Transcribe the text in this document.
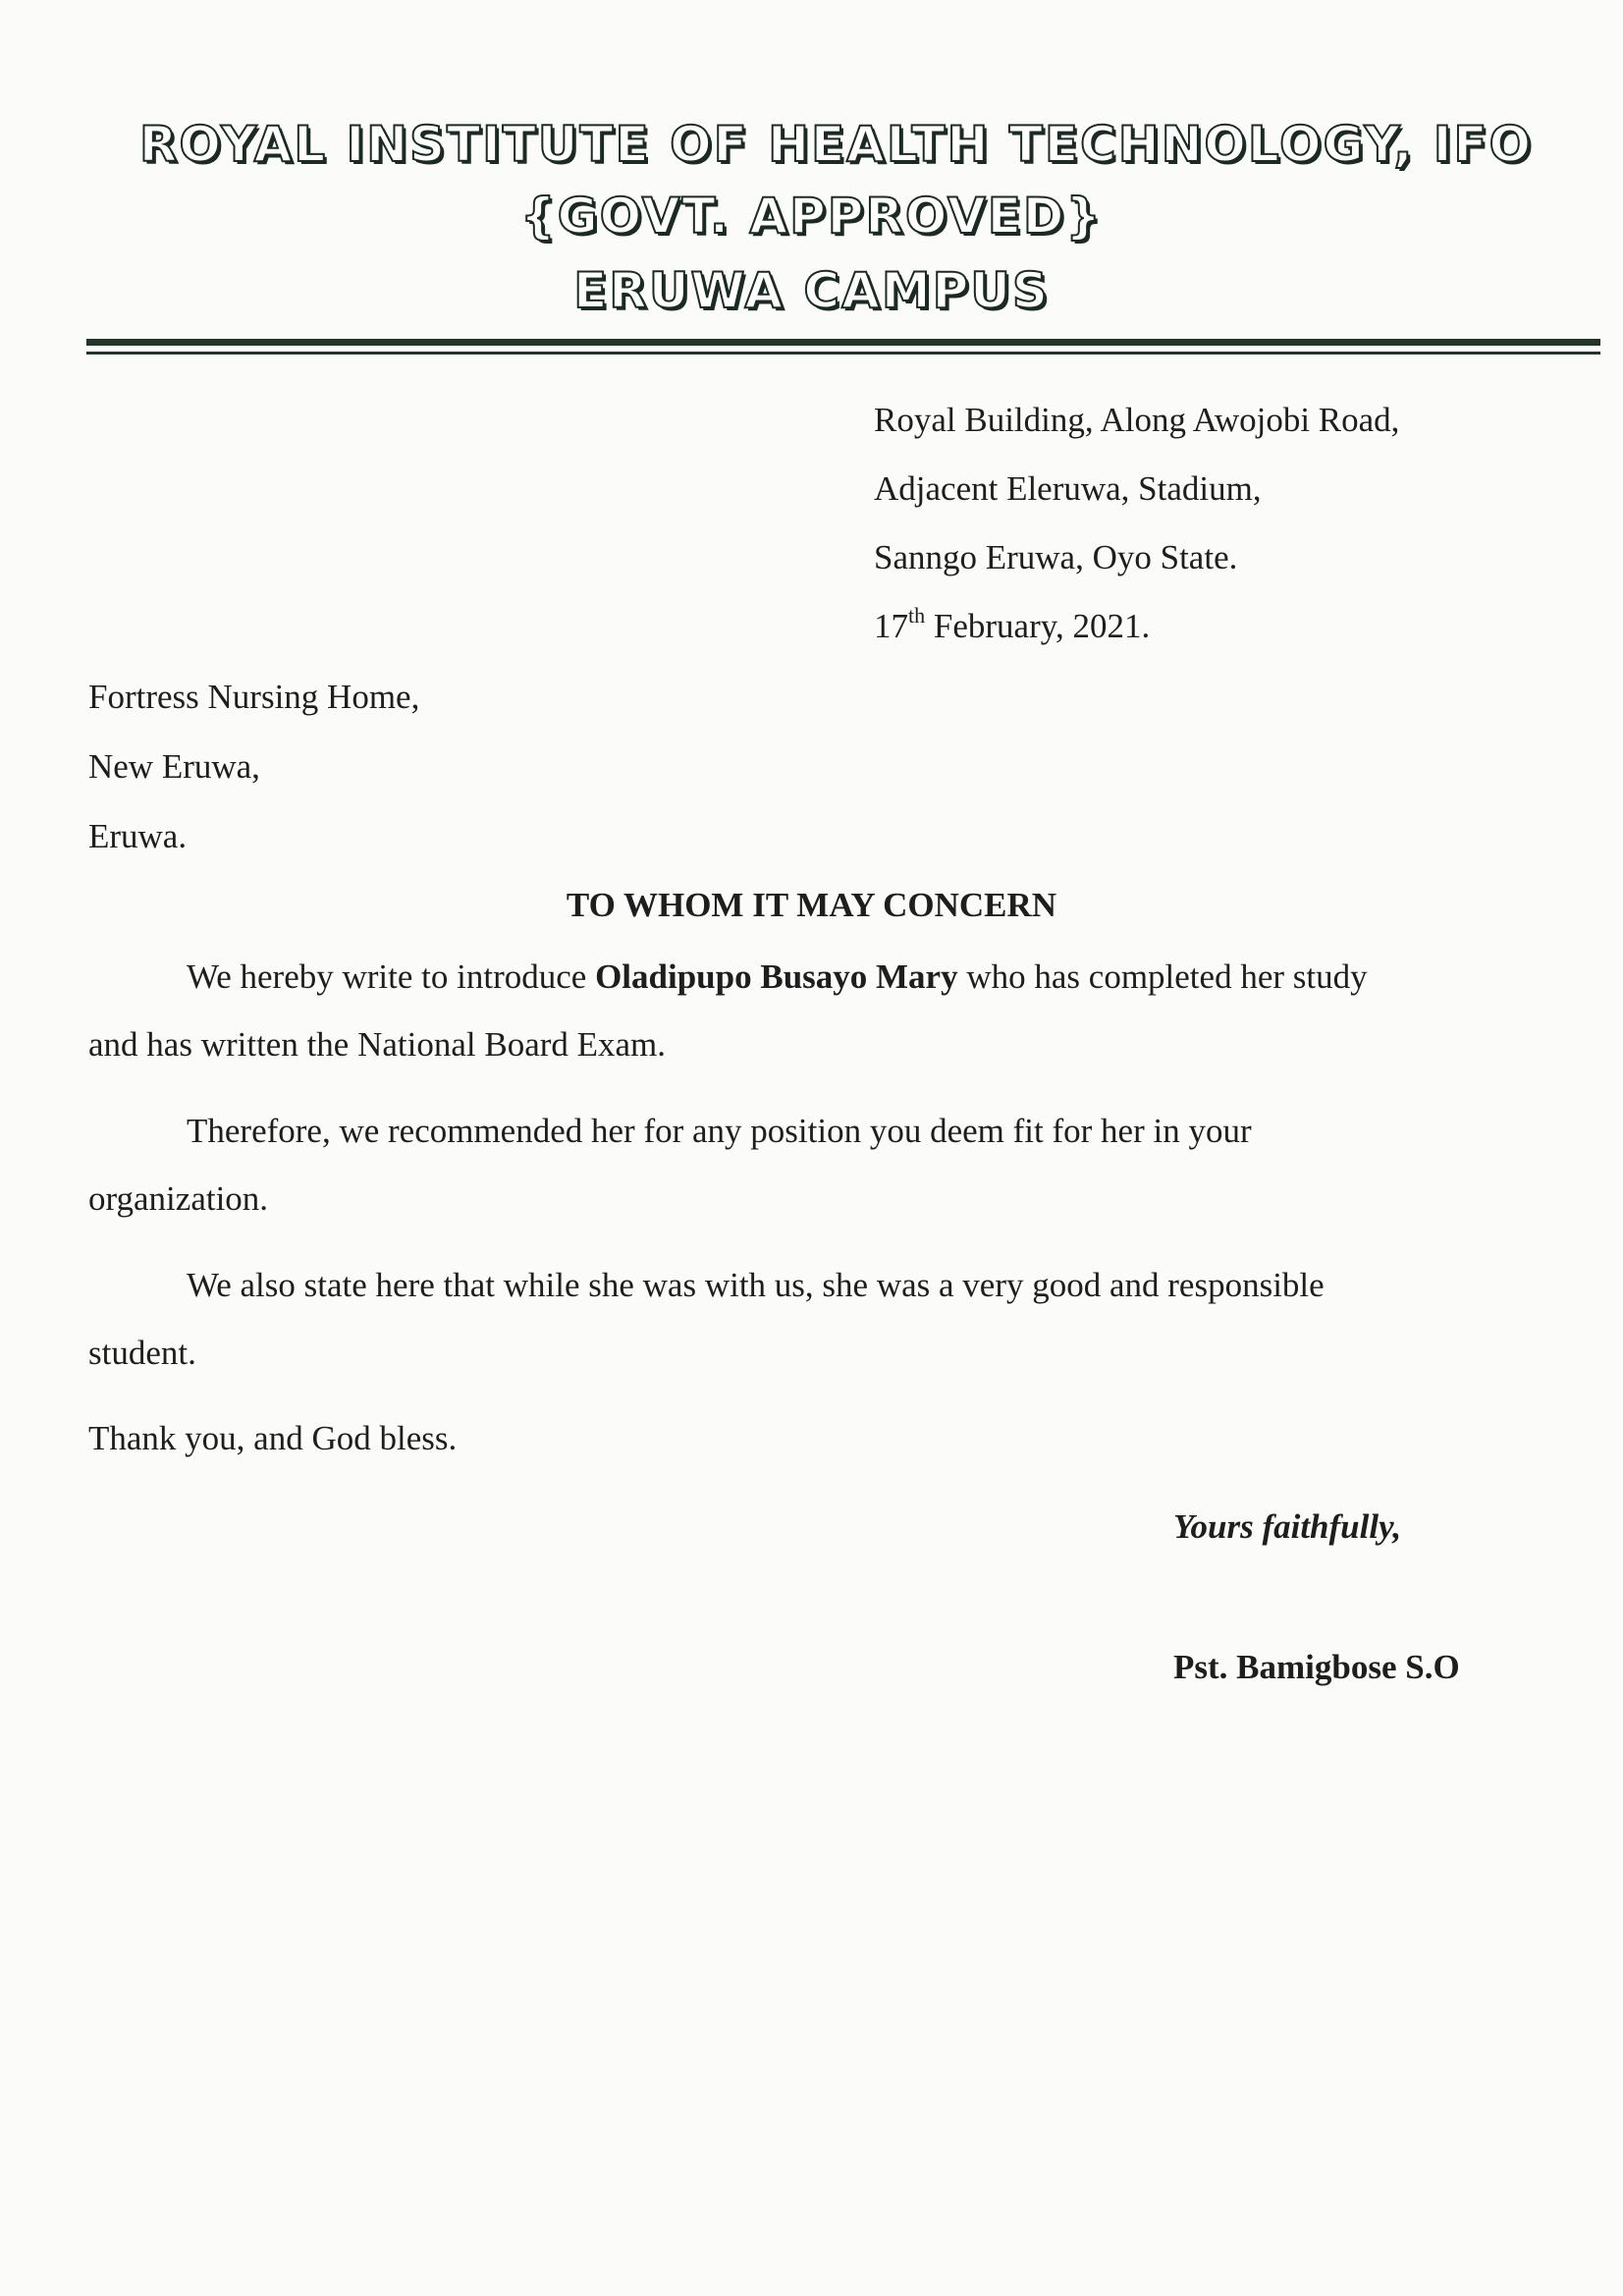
ROYAL INSTITUTE OF HEALTH TECHNOLOGY, IFO
{GOVT. APPROVED}
ERUWA CAMPUS
Royal Building, Along Awojobi Road,
Adjacent Eleruwa, Stadium,
Sanngo Eruwa, Oyo State.
17th February, 2021.
Fortress Nursing Home,
New Eruwa,
Eruwa.
TO WHOM IT MAY CONCERN
We hereby write to introduce Oladipupo Busayo Mary who has completed her study
and has written the National Board Exam.
Therefore, we recommended her for any position you deem fit for her in your
organization.
We also state here that while she was with us, she was a very good and responsible
student.
Thank you, and God bless.
Yours faithfully,
Pst. Bamigbose S.O
